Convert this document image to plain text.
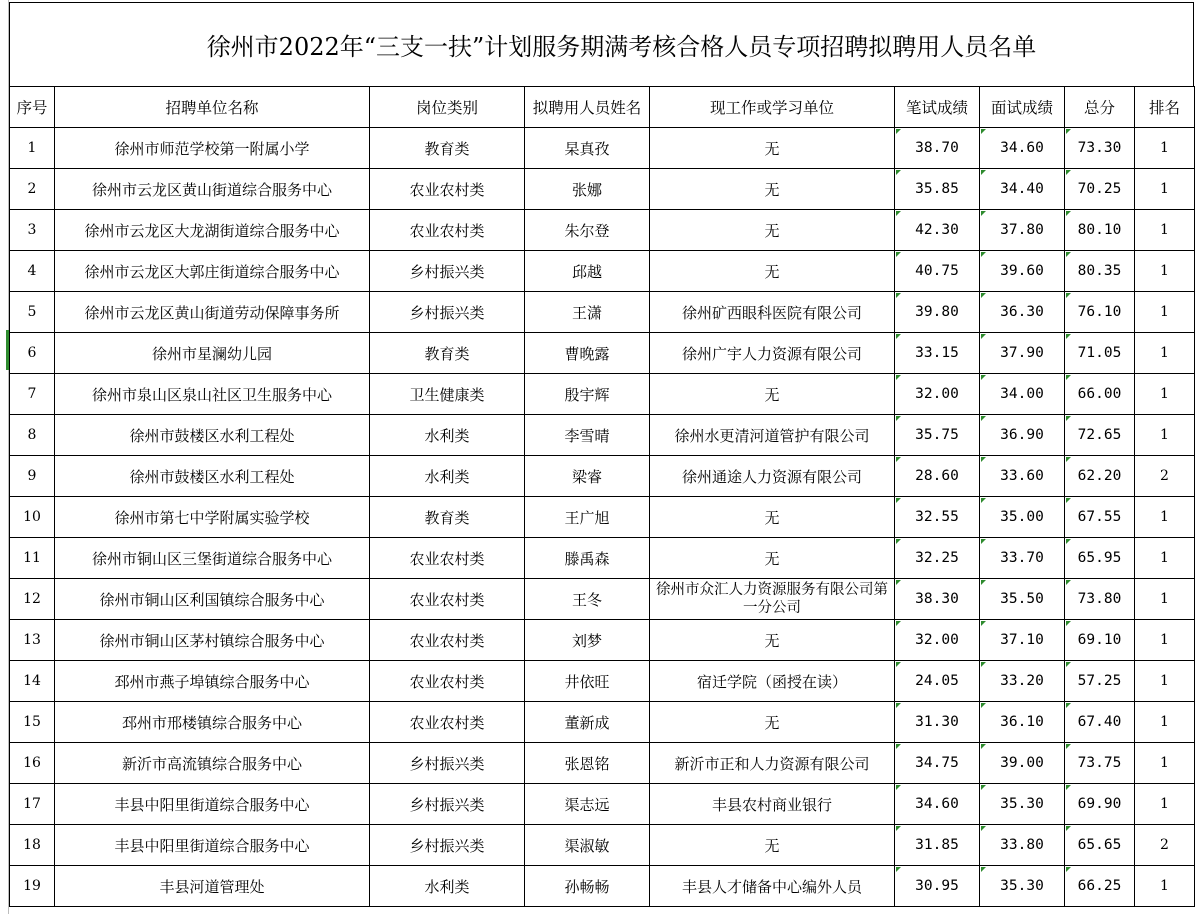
徐州市2022年“三支一扶”计划服务期满考核合格人员专项招聘拟聘用人员名单
序号	招聘单位名称	岗位类别	拟聘用人员姓名	现工作或学习单位	笔试成绩	面试成绩	总分	排名
1	徐州市师范学校第一附属小学	教育类	杲真孜	无	38.70	34.60	73.30	1
2	徐州市云龙区黄山街道综合服务中心	农业农村类	张娜	无	35.85	34.40	70.25	1
3	徐州市云龙区大龙湖街道综合服务中心	农业农村类	朱尔登	无	42.30	37.80	80.10	1
4	徐州市云龙区大郭庄街道综合服务中心	乡村振兴类	邱越	无	40.75	39.60	80.35	1
5	徐州市云龙区黄山街道劳动保障事务所	乡村振兴类	王潇	徐州矿西眼科医院有限公司	39.80	36.30	76.10	1
6	徐州市星澜幼儿园	教育类	曹晚露	徐州广宇人力资源有限公司	33.15	37.90	71.05	1
7	徐州市泉山区泉山社区卫生服务中心	卫生健康类	殷宇辉	无	32.00	34.00	66.00	1
8	徐州市鼓楼区水利工程处	水利类	李雪晴	徐州水更清河道管护有限公司	35.75	36.90	72.65	1
9	徐州市鼓楼区水利工程处	水利类	梁睿	徐州通途人力资源有限公司	28.60	33.60	62.20	2
10	徐州市第七中学附属实验学校	教育类	王广旭	无	32.55	35.00	67.55	1
11	徐州市铜山区三堡街道综合服务中心	农业农村类	滕禹森	无	32.25	33.70	65.95	1
12	徐州市铜山区利国镇综合服务中心	农业农村类	王冬	徐州市众汇人力资源服务有限公司第一分公司	38.30	35.50	73.80	1
13	徐州市铜山区茅村镇综合服务中心	农业农村类	刘梦	无	32.00	37.10	69.10	1
14	邳州市燕子埠镇综合服务中心	农业农村类	井依旺	宿迁学院（函授在读）	24.05	33.20	57.25	1
15	邳州市邢楼镇综合服务中心	农业农村类	董新成	无	31.30	36.10	67.40	1
16	新沂市高流镇综合服务中心	乡村振兴类	张恩铭	新沂市正和人力资源有限公司	34.75	39.00	73.75	1
17	丰县中阳里街道综合服务中心	乡村振兴类	渠志远	丰县农村商业银行	34.60	35.30	69.90	1
18	丰县中阳里街道综合服务中心	乡村振兴类	渠淑敏	无	31.85	33.80	65.65	2
19	丰县河道管理处	水利类	孙畅畅	丰县人才储备中心编外人员	30.95	35.30	66.25	1
